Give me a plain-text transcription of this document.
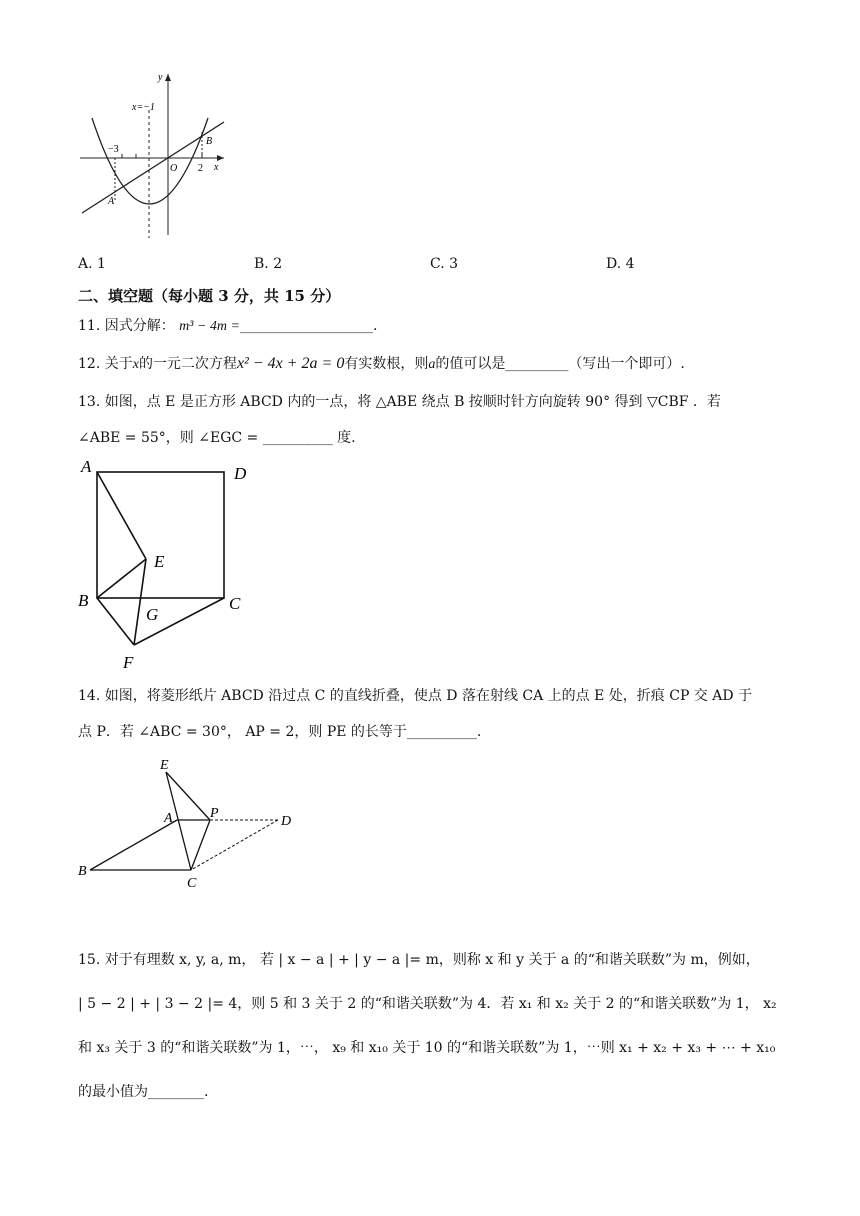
x=−1
y
x
O
−3
2
A
B
A. 1	B. 2	C. 3	D. 4
二、填空题（每小题 3 分，共 15 分）
11. 因式分解： m³ − 4m =___________________.
12. 关于x的一元二次方程x² − 4x + 2a = 0有实数根，则a的值可以是_________（写出一个即可）.
13. 如图，点 E 是正方形 ABCD 内的一点，将 △ABE 绕点 B 按顺时针方向旋转 90° 得到 ▽CBF ．若
∠ABE = 55°，则 ∠EGC = __________ 度.
A	D
E
B
G
C
F
14. 如图，将菱形纸片 ABCD 沿过点 C 的直线折叠，使点 D 落在射线 CA 上的点 E 处，折痕 CP 交 AD 于
点 P．若 ∠ABC = 30°， AP = 2，则 PE 的长等于__________.
E
A	P
D
B
C
15. 对于有理数 x, y, a, m， 若 | x − a | + | y − a |= m，则称 x 和 y 关于 a 的“和谐关联数”为 m，例如，
| 5 − 2 | + | 3 − 2 |= 4，则 5 和 3 关于 2 的“和谐关联数”为 4．若 x₁ 和 x₂ 关于 2 的“和谐关联数”为 1， x₂
和 x₃ 关于 3 的“和谐关联数”为 1，⋯， x₉ 和 x₁₀ 关于 10 的“和谐关联数”为 1，⋯则 x₁ + x₂ + x₃ + ⋯ + x₁₀
的最小值为________.
